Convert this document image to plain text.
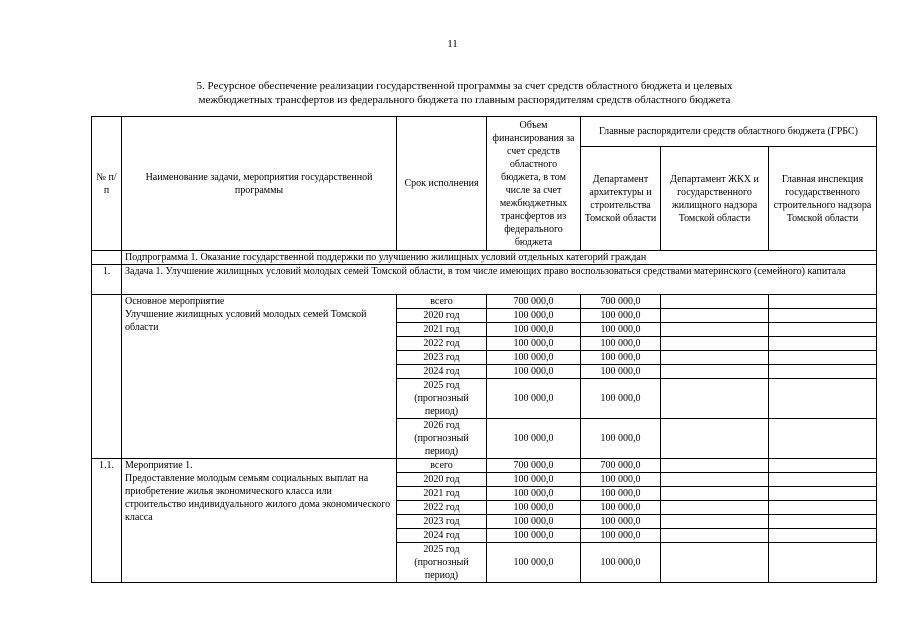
11
5. Ресурсное обеспечение реализации государственной программы за счет средств областного бюджета и целевых
межбюджетных трансфертов из федерального бюджета по главным распорядителям средств областного бюджета
№ п/п	Наименование задачи, мероприятия государственной программы	Срок исполнения	Объем финансирования за счет средств областного бюджета, в том числе за счет межбюджетных трансфертов из федерального бюджета	Главные распорядители средств областного бюджета (ГРБС)		
				Департамент архитектуры и строительства Томской области	Департамент ЖКХ и государственного жилищного надзора Томской области	Главная инспекция государственного строительного надзора Томской области
	Подпрограмма 1. Оказание государственной поддержки по улучшению жилищных условий отдельных категорий граждан					
1.	Задача 1. Улучшение жилищных условий молодых семей Томской области, в том числе имеющих право воспользоваться средствами материнского (семейного) капитала					

	Основное мероприятие
Улучшение жилищных условий молодых семей Томской области	всего	700 000,0	700 000,0		
		2020 год	100 000,0	100 000,0		
		2021 год	100 000,0	100 000,0		
		2022 год	100 000,0	100 000,0		
		2023 год	100 000,0	100 000,0		
		2024 год	100 000,0	100 000,0		
		2025 год (прогнозный период)	100 000,0	100 000,0		
		2026 год (прогнозный период)	100 000,0	100 000,0		
1.1.	Мероприятие 1.
Предоставление молодым семьям социальных выплат на приобретение жилья экономического класса или строительство индивидуального жилого дома экономического класса	всего	700 000,0	700 000,0		
		2020 год	100 000,0	100 000,0		
		2021 год	100 000,0	100 000,0		
		2022 год	100 000,0	100 000,0		
		2023 год	100 000,0	100 000,0		
		2024 год	100 000,0	100 000,0		
		2025 год (прогнозный период)	100 000,0	100 000,0		
